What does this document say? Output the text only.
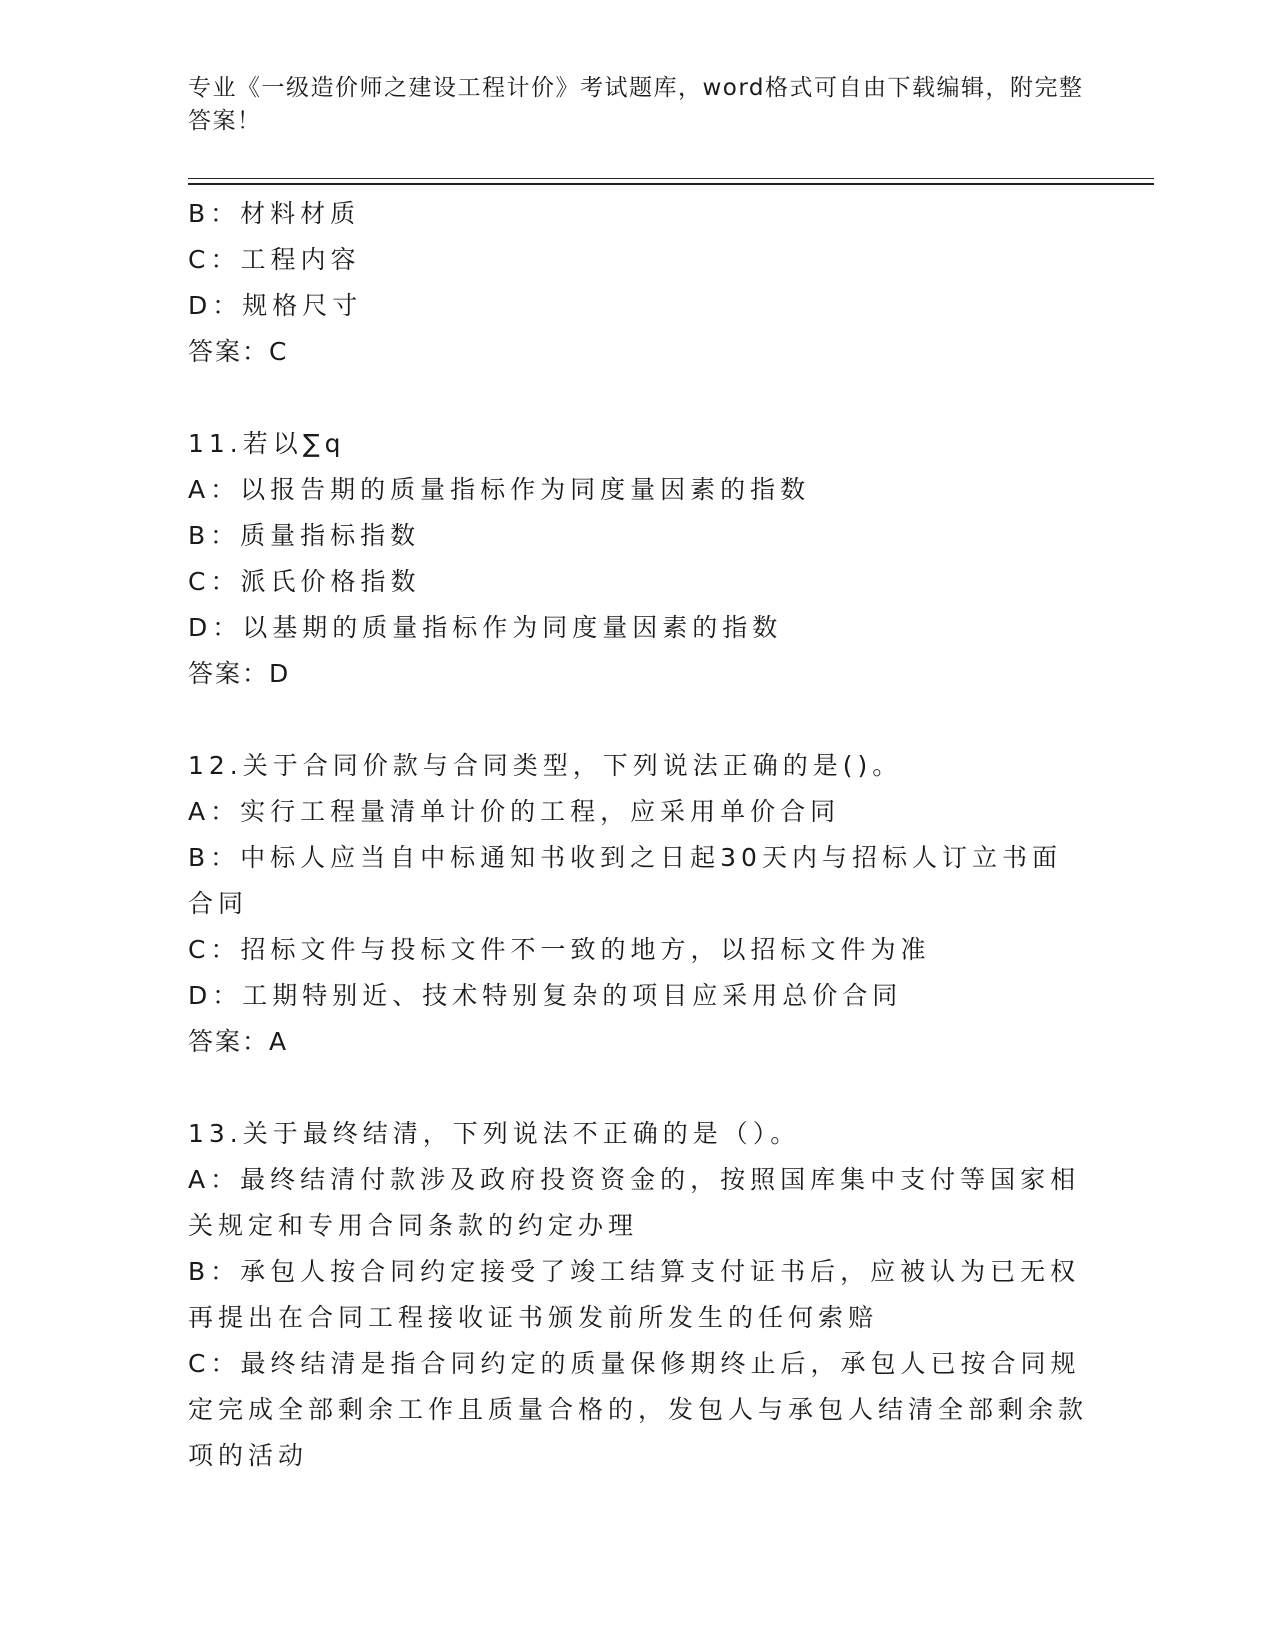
专业《一级造价师之建设工程计价》考试题库，word格式可自由下载编辑，附完整答案！
B：材料材质
C：工程内容
D：规格尺寸
答案：C
11.若以∑q
A：以报告期的质量指标作为同度量因素的指数
B：质量指标指数
C：派氏价格指数
D：以基期的质量指标作为同度量因素的指数
答案：D
12.关于合同价款与合同类型，下列说法正确的是()。
A：实行工程量清单计价的工程，应采用单价合同
B：中标人应当自中标通知书收到之日起30天内与招标人订立书面合同
C：招标文件与投标文件不一致的地方，以招标文件为准
D：工期特别近、技术特别复杂的项目应采用总价合同
答案：A
13.关于最终结清，下列说法不正确的是（）。
A：最终结清付款涉及政府投资资金的，按照国库集中支付等国家相关规定和专用合同条款的约定办理
B：承包人按合同约定接受了竣工结算支付证书后，应被认为已无权再提出在合同工程接收证书颁发前所发生的任何索赔
C：最终结清是指合同约定的质量保修期终止后，承包人已按合同规定完成全部剩余工作且质量合格的，发包人与承包人结清全部剩余款项的活动
